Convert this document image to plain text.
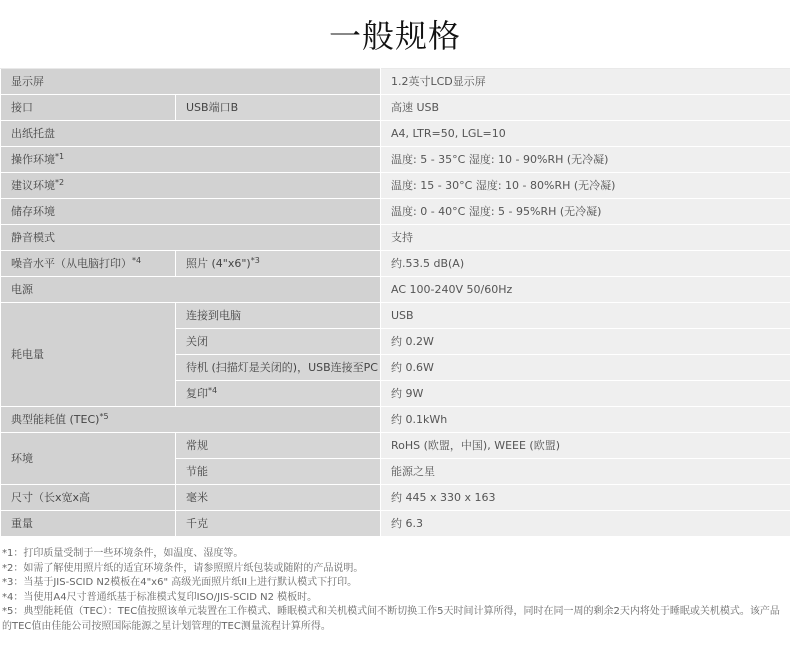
一般规格
显示屏		1.2英寸LCD显示屏
接口	USB端口B	高速 USB
出纸托盘		A4, LTR=50, LGL=10
操作环境$^{*1}$		温度: 5 - 35°C 湿度: 10 - 90%RH (无冷凝)
建议环境$^{*2}$		温度: 15 - 30°C 湿度: 10 - 80%RH (无冷凝)
储存环境		温度: 0 - 40°C 湿度: 5 - 95%RH (无冷凝)
静音模式		支持
噪音水平（从电脑打印）$^{*4}$	照片 (4"x6")$^{*3}$	约.53.5 dB(A)
电源		AC 100-240V 50/60Hz
耗电量	连接到电脑	USB
	关闭	约 0.2W
	待机 (扫描灯是关闭的)，USB连接至PC	约 0.6W
	复印$^{*4}$	约 9W
典型能耗值 (TEC)$^{*5}$		约 0.1kWh
环境	常规	RoHS (欧盟，中国), WEEE (欧盟)
	节能	能源之星
尺寸（长x宽x高	毫米	约 445 x 330 x 163
重量	千克	约 6.3

*1：打印质量受制于一些环境条件，如温度、湿度等。

*2：如需了解使用照片纸的适宜环境条件，请参照照片纸包装或随附的产品说明。

*3：当基于JIS-SCID N2模板在4"x6" 高级光面照片纸II上进行默认模式下打印。

*4：当使用A4尺寸普通纸基于标准模式复印ISO/JIS-SCID N2 模板时。

*5：典型能耗值（TEC）：TEC值按照该单元装置在工作模式、睡眠模式和关机模式间不断切换工作5天时间计算所得，同时在同一周的剩余2天内将处于睡眠或关机模式。该产品的TEC值由佳能公司按照国际能源之星计划管理的TEC测量流程计算所得。
